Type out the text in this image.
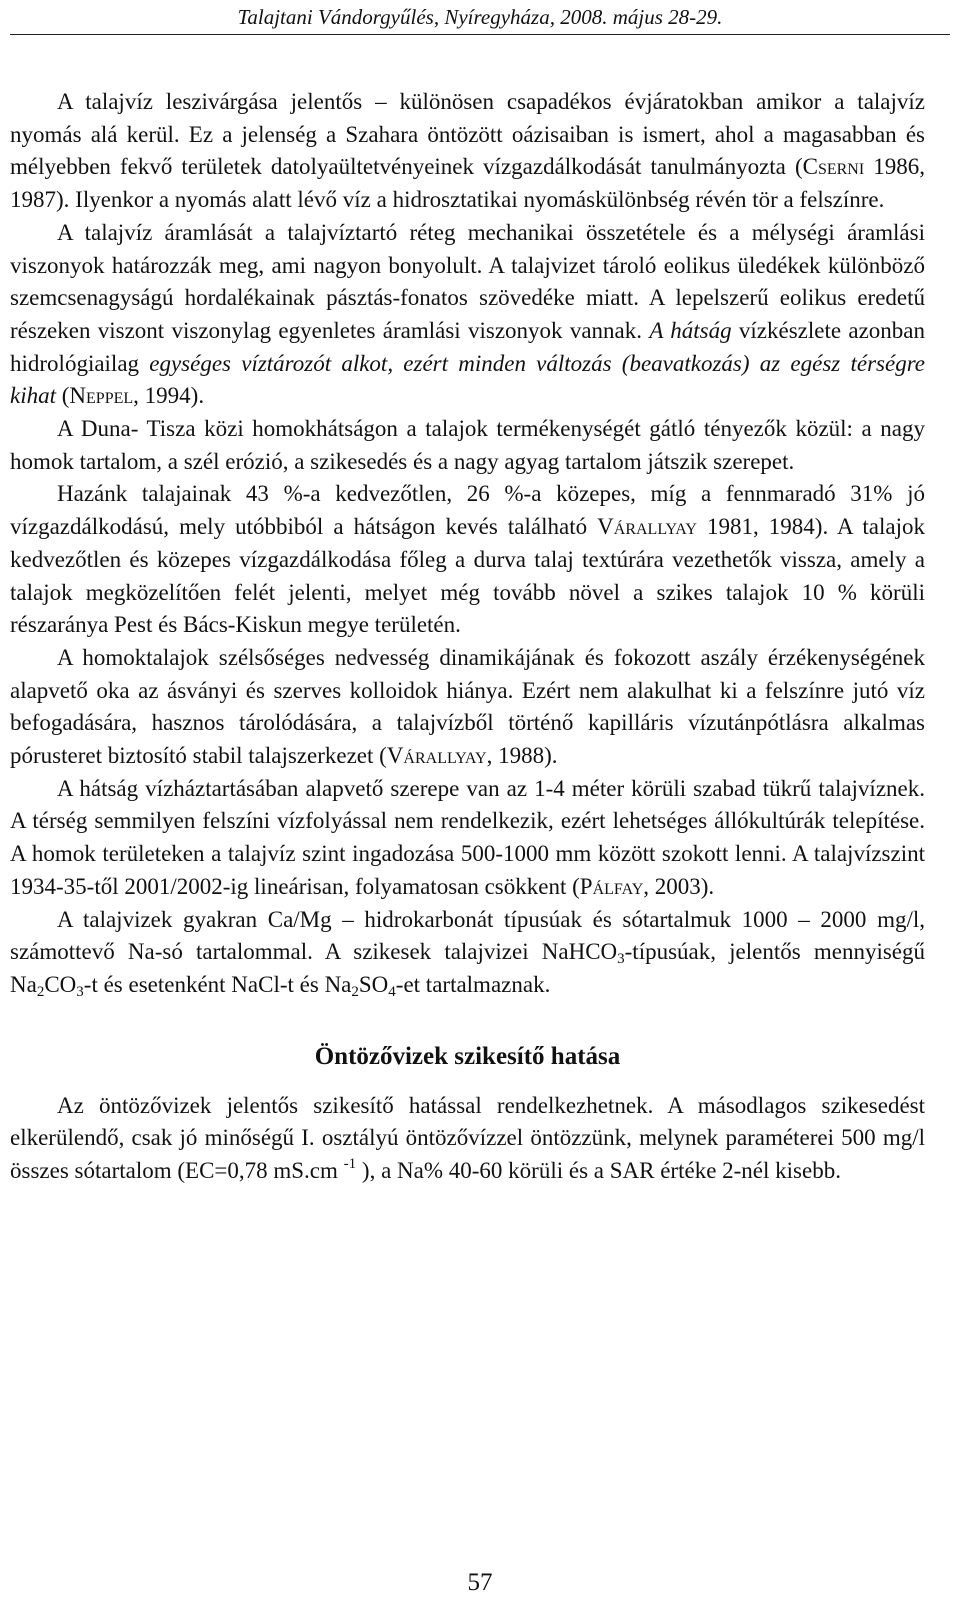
Talajtani Vándorgyűlés, Nyíregyháza, 2008. május 28-29.

A talajvíz leszivárgása jelentős – különösen csapadékos évjáratokban amikor a talajvíz nyomás alá kerül. Ez a jelenség a Szahara öntözött oázisaiban is ismert, ahol a magasabban és mélyebben fekvő területek datolyaültetvényeinek vízgazdálkodását tanulmányozta (Cserni 1986, 1987). Ilyenkor a nyomás alatt lévő víz a hidrosztatikai nyomáskülönbség révén tör a felszínre.

A talajvíz áramlását a talajvíztartó réteg mechanikai összetétele és a mélységi áramlási viszonyok határozzák meg, ami nagyon bonyolult. A talajvizet tároló eolikus üledékek különböző szemcsenagyságú hordalékainak pásztás-fonatos szövedéke miatt. A lepelszerű eolikus eredetű részeken viszont viszonylag egyenletes áramlási viszonyok vannak. A hátság vízkészlete azonban hidrológiailag egységes víztározót alkot, ezért minden változás (beavatkozás) az egész térségre kihat (Neppel, 1994).

A Duna- Tisza közi homokhátságon a talajok termékenységét gátló tényezők közül: a nagy homok tartalom, a szél erózió, a szikesedés és a nagy agyag tartalom játszik szerepet.

Hazánk talajainak 43 %-a kedvezőtlen, 26 %-a közepes, míg a fennmaradó 31% jó vízgazdálkodású, mely utóbbiból a hátságon kevés található Várallyay 1981, 1984). A talajok kedvezőtlen és közepes vízgazdálkodása főleg a durva talaj textúrára vezethetők vissza, amely a talajok megközelítően felét jelenti, melyet még tovább növel a szikes talajok 10 % körüli részaránya Pest és Bács-Kiskun megye területén.

A homoktalajok szélsőséges nedvesség dinamikájának és fokozott aszály érzékenységének alapvető oka az ásványi és szerves kolloidok hiánya. Ezért nem alakulhat ki a felszínre jutó víz befogadására, hasznos tárolódására, a talajvízből történő kapilláris vízutánpótlásra alkalmas pórusteret biztosító stabil talajszerkezet (Várallyay, 1988).

A hátság vízháztartásában alapvető szerepe van az 1-4 méter körüli szabad tükrű talajvíznek. A térség semmilyen felszíni vízfolyással nem rendelkezik, ezért lehetséges állókultúrák telepítése. A homok területeken a talajvíz szint ingadozása 500-1000 mm között szokott lenni. A talajvízszint 1934-35-től 2001/2002-ig lineárisan, folyamatosan csökkent (Pálfay, 2003).

A talajvizek gyakran Ca/Mg – hidrokarbonát típusúak és sótartalmuk 1000 – 2000 mg/l, számottevő Na-só tartalommal. A szikesek talajvizei NaHCO$_3$-típusúak, jelentős mennyiségű $Na_2CO_3-t$ és esetenként NaCl-t és $Na_2SO_4-et$ tartalmaznak.

Öntözővizek szikesítő hatása

Az öntözővizek jelentős szikesítő hatással rendelkezhetnek. A másodlagos szikesedést elkerülendő, csak jó minőségű I. osztályú öntözővízzel öntözzünk, melynek paraméterei 500 mg/l összes sótartalom (EC=0,78 mS.cm $^{-1}$ ), a Na% 40-60 körüli és a SAR értéke 2-nél kisebb.

57
